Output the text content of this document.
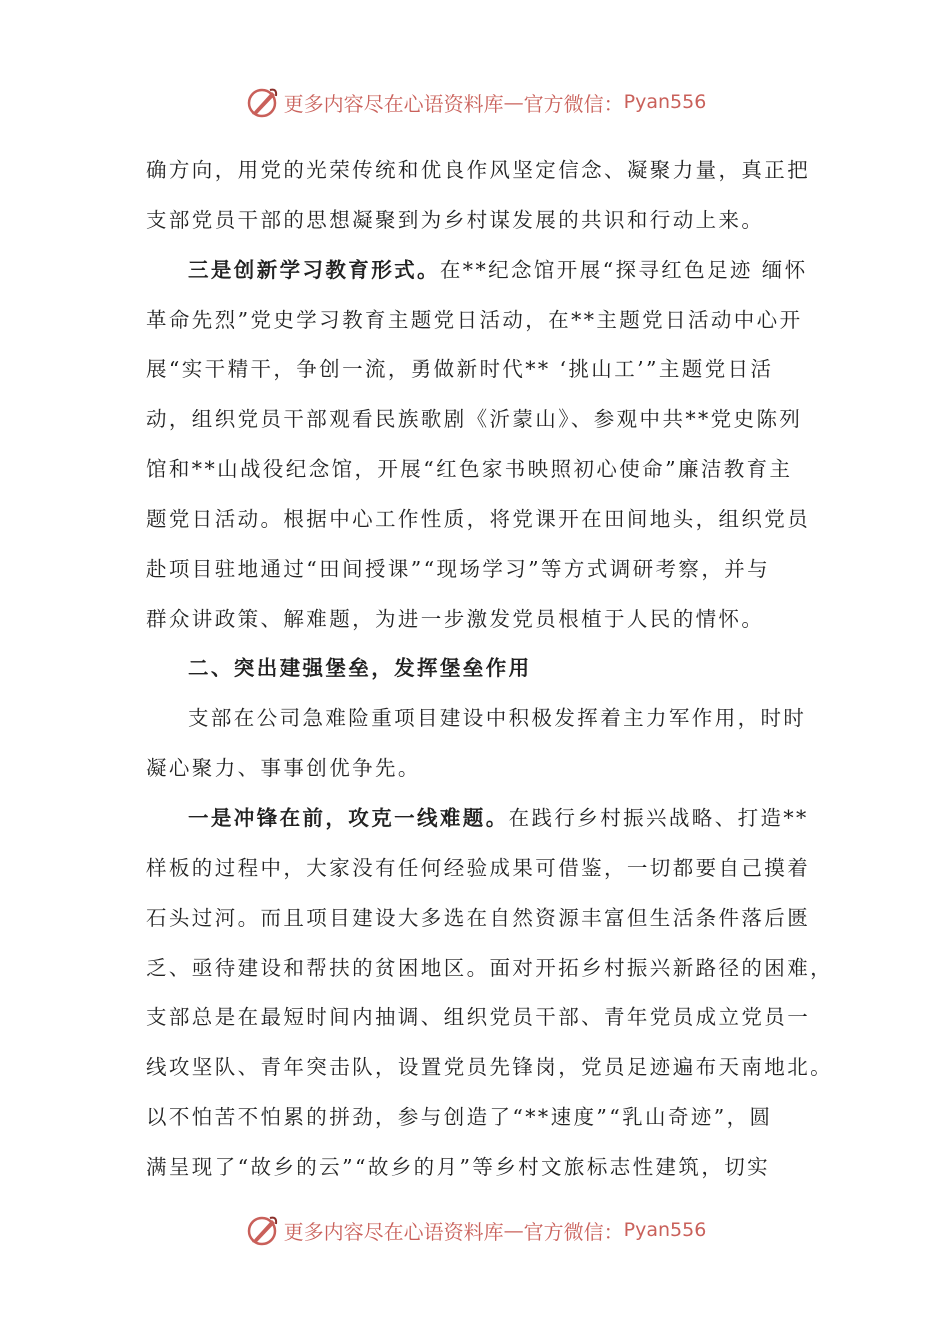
更多内容尽在心语资料库 — 官方微信： Pyan556
确方向，用党的光荣传统和优良作风坚定信念、凝聚力量，真正把
支部党员干部的思想凝聚到为乡村谋发展的共识和行动上来。
三是创新学习教育形式。在**纪念馆开展“探寻红色足迹 缅怀
革命先烈”党史学习教育主题党日活动，在**主题党日活动中心开
展“实干精干，争创一流，勇做新时代** ‘挑山工’”主题党日活
动，组织党员干部观看民族歌剧《沂蒙山》、参观中共**党史陈列
馆和**山战役纪念馆，开展“红色家书映照初心使命”廉洁教育主
题党日活动。根据中心工作性质，将党课开在田间地头，组织党员
赴项目驻地通过“田间授课”“现场学习”等方式调研考察，并与
群众讲政策、解难题，为进一步激发党员根植于人民的情怀。
二、突出建强堡垒，发挥堡垒作用
支部在公司急难险重项目建设中积极发挥着主力军作用，时时
凝心聚力、事事创优争先。
一是冲锋在前，攻克一线难题。在践行乡村振兴战略、打造**
样板的过程中，大家没有任何经验成果可借鉴，一切都要自己摸着
石头过河。而且项目建设大多选在自然资源丰富但生活条件落后匮
乏、亟待建设和帮扶的贫困地区。面对开拓乡村振兴新路径的困难，
支部总是在最短时间内抽调、组织党员干部、青年党员成立党员一
线攻坚队、青年突击队，设置党员先锋岗，党员足迹遍布天南地北。
以不怕苦不怕累的拼劲，参与创造了“**速度”“乳山奇迹”，圆
满呈现了“故乡的云”“故乡的月”等乡村文旅标志性建筑，切实
更多内容尽在心语资料库 — 官方微信： Pyan556
